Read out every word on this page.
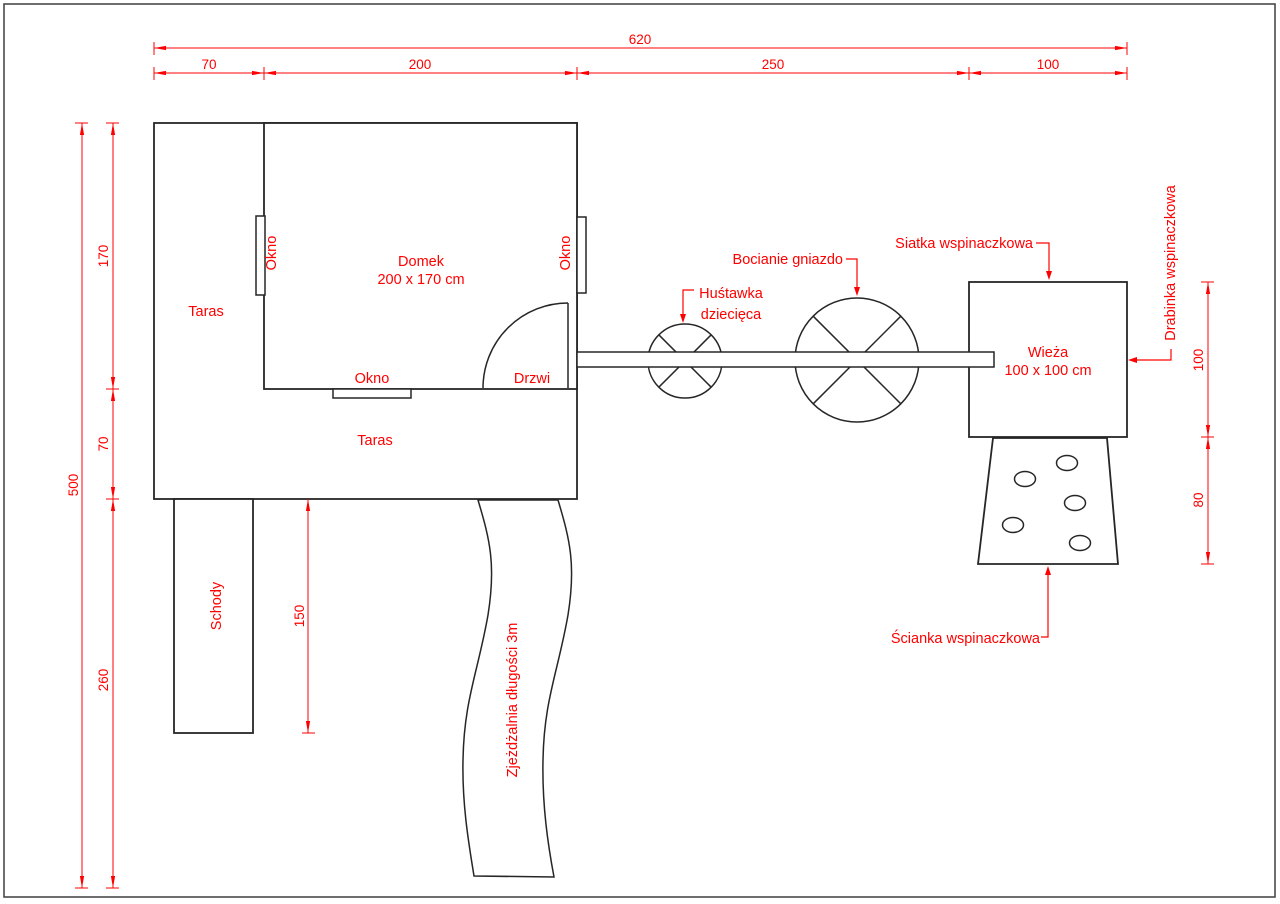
620
70	200	250	100
500
170
70
260
150
100
80
Taras
Taras
Domek
200 x 170 cm
Okno	Okno
Okno	Drzwi
Schody
Zjeżdżalnia długości 3m
Wieża
100 x 100 cm
Huśtawka
dziecięca
Bocianie gniazdo
Siatka wspinaczkowa	Drabinka wspinaczkowa
Ścianka wspinaczkowa
